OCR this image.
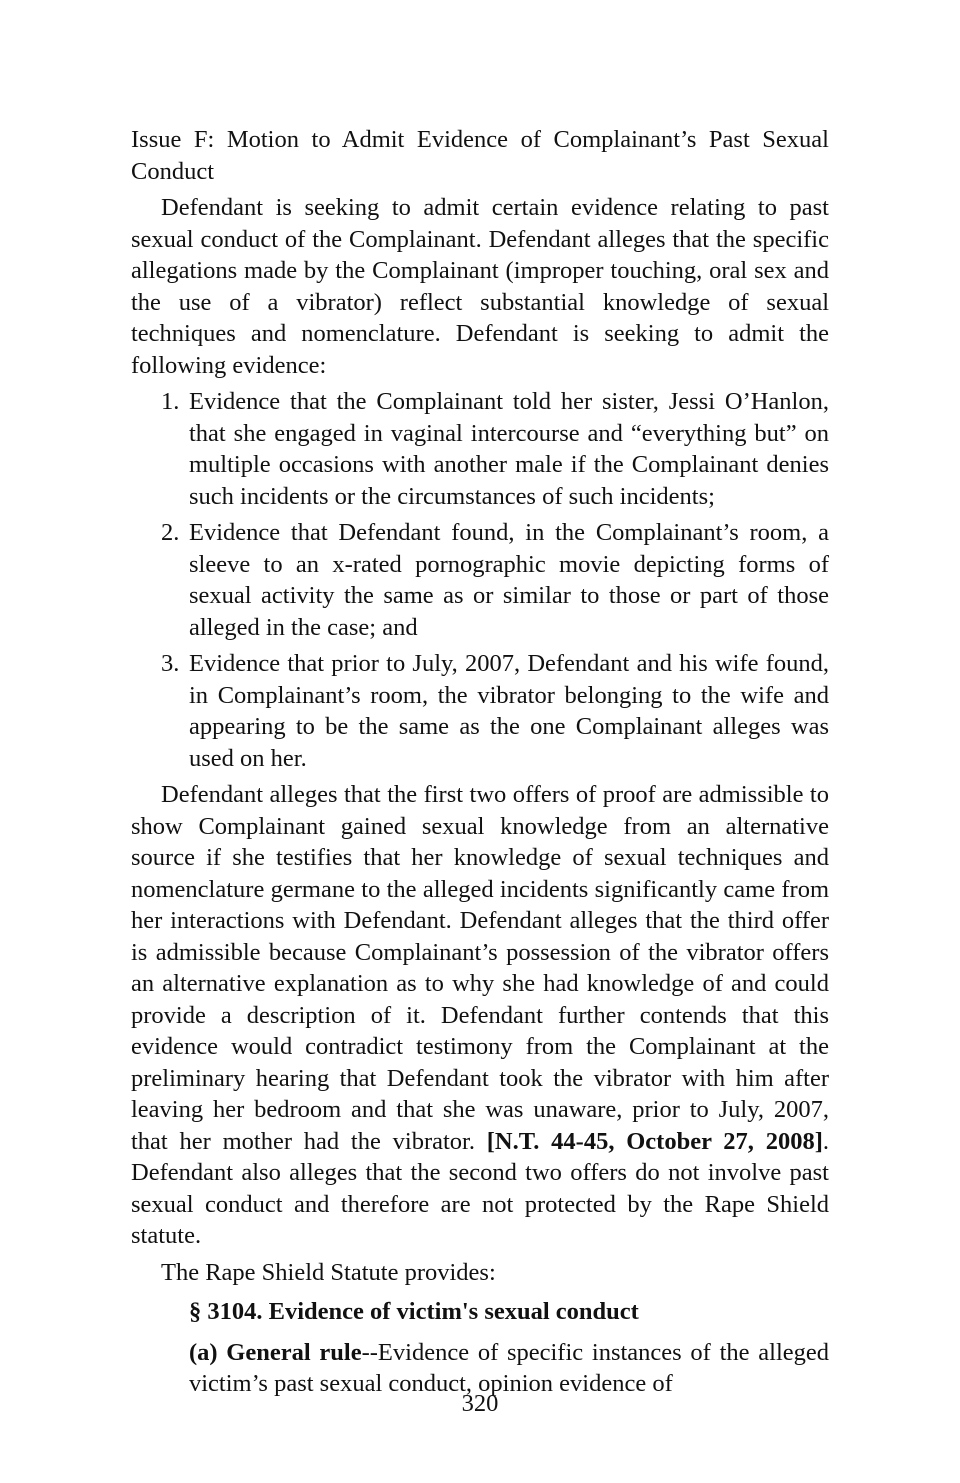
Issue F: Motion to Admit Evidence of Complainant’s Past Sexual Conduct

Defendant is seeking to admit certain evidence relating to past sexual conduct of the Complainant. Defendant alleges that the specific allegations made by the Complainant (improper touching, oral sex and the use of a vibrator) reflect substantial knowledge of sexual techniques and nomenclature. Defendant is seeking to admit the following evidence:

1. Evidence that the Complainant told her sister, Jessi O’Hanlon, that she engaged in vaginal intercourse and “everything but” on multiple occasions with another male if the Complainant denies such incidents or the circumstances of such incidents;
2. Evidence that Defendant found, in the Complainant’s room, a sleeve to an x-rated pornographic movie depicting forms of sexual activity the same as or similar to those or part of those alleged in the case; and
3. Evidence that prior to July, 2007, Defendant and his wife found, in Complainant’s room, the vibrator belonging to the wife and appearing to be the same as the one Complainant alleges was used on her.

Defendant alleges that the first two offers of proof are admissible to show Complainant gained sexual knowledge from an alternative source if she testifies that her knowledge of sexual techniques and nomenclature germane to the alleged incidents significantly came from her interactions with Defendant. Defendant alleges that the third offer is admissible because Complainant’s possession of the vibrator offers an alternative explanation as to why she had knowledge of and could provide a description of it. Defendant further contends that this evidence would contradict testimony from the Complainant at the preliminary hearing that Defendant took the vibrator with him after leaving her bedroom and that she was unaware, prior to July, 2007, that her mother had the vibrator. [N.T. 44-45, October 27, 2008]. Defendant also alleges that the second two offers do not involve past sexual conduct and therefore are not protected by the Rape Shield statute.

The Rape Shield Statute provides:

§ 3104. Evidence of victim's sexual conduct

(a) General rule--Evidence of specific instances of the alleged victim’s past sexual conduct, opinion evidence of

320
